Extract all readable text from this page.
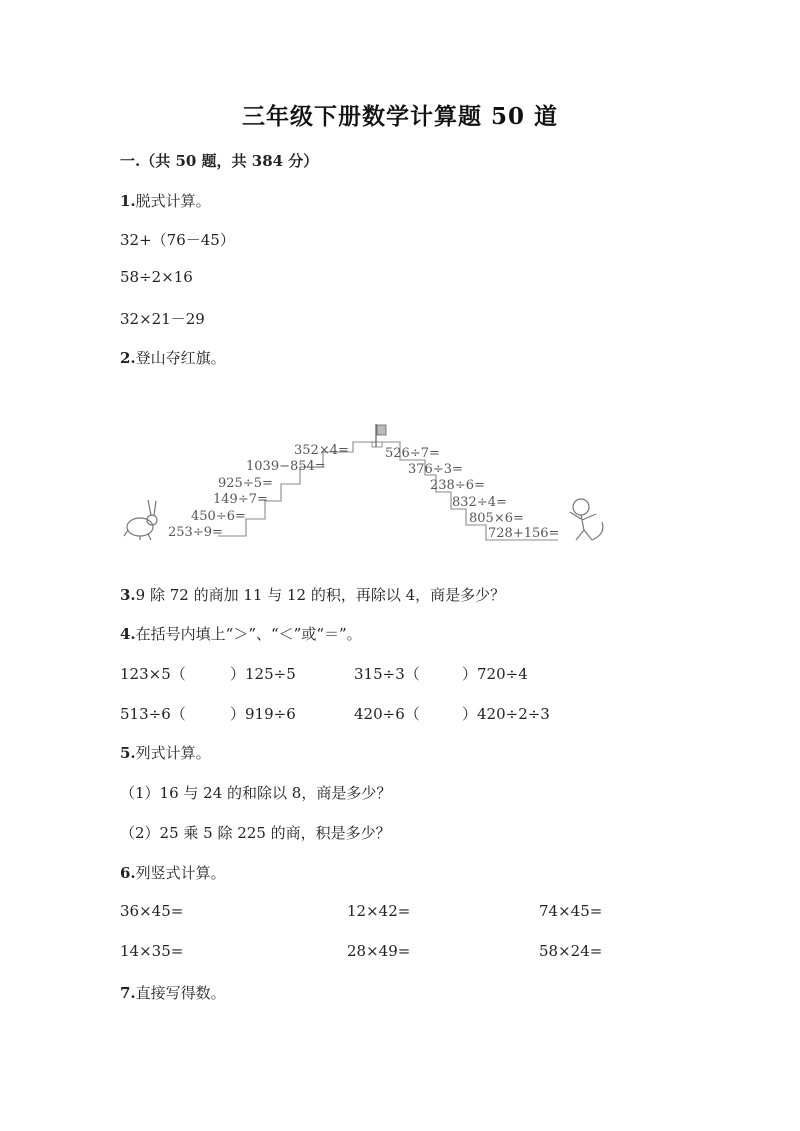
三年级下册数学计算题 50 道
一.（共 50 题，共 384 分）
1.脱式计算。
32+（76－45）
58÷2×16
32×21－29
2.登山夺红旗。
253÷9=
450÷6=
149÷7=
925÷5=
1039−854=
352×4=	526÷7=
376÷3=
238÷6=
832÷4=
805×6=
728+156=
3.9 除 72 的商加 11 与 12 的积，再除以 4，商是多少？
4.在括号内填上“＞”、“＜”或“＝”。
123×5（	）125÷5	315÷3（	）720÷4
513÷6（	）919÷6	420÷6（	）420÷2÷3
5.列式计算。
（1）16 与 24 的和除以 8，商是多少？
（2）25 乘 5 除 225 的商，积是多少？
6.列竖式计算。
36×45=	12×42=	74×45=
14×35=	28×49=	58×24=
7.直接写得数。
